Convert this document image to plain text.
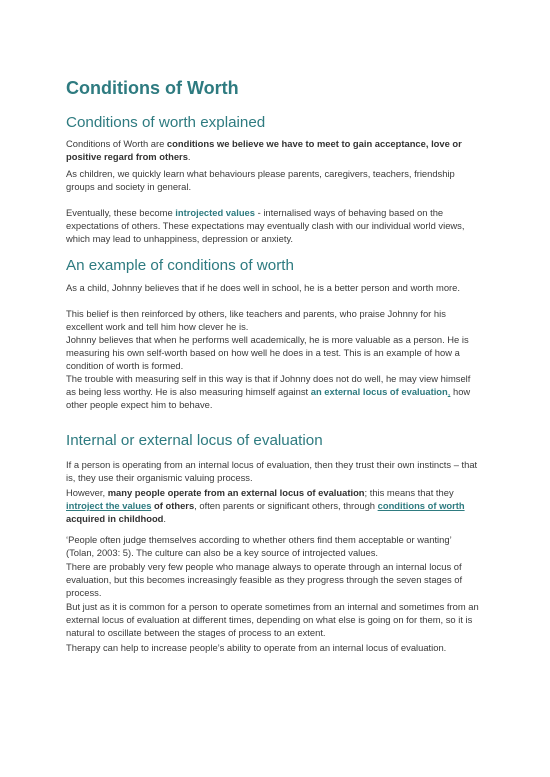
Conditions of Worth
Conditions of worth explained

Conditions of Worth are conditions we believe we have to meet to gain acceptance, love or positive regard from others.

As children, we quickly learn what behaviours please parents, caregivers, teachers, friendship groups and society in general.

Eventually, these become introjected values - internalised ways of behaving based on the expectations of others. These expectations may eventually clash with our individual world views, which may lead to unhappiness, depression or anxiety.

An example of conditions of worth

As a child, Johnny believes that if he does well in school, he is a better person and worth more.

This belief is then reinforced by others, like teachers and parents, who praise Johnny for his excellent work and tell him how clever he is.

Johnny believes that when he performs well academically, he is more valuable as a person. He is measuring his own self-worth based on how well he does in a test. This is an example of how a condition of worth is formed.

The trouble with measuring self in this way is that if Johnny does not do well, he may view himself as being less worthy. He is also measuring himself against an external locus of evaluation, how other people expect him to behave.

Internal or external locus of evaluation

If a person is operating from an internal locus of evaluation, then they trust their own instincts – that is, they use their organismic valuing process.

However, many people operate from an external locus of evaluation; this means that they introject the values of others, often parents or significant others, through conditions of worth acquired in childhood.

‘People often judge themselves according to whether others find them acceptable or wanting’ (Tolan, 2003: 5). The culture can also be a key source of introjected values.

There are probably very few people who manage always to operate through an internal locus of evaluation, but this becomes increasingly feasible as they progress through the seven stages of process.

But just as it is common for a person to operate sometimes from an internal and sometimes from an external locus of evaluation at different times, depending on what else is going on for them, so it is natural to oscillate between the stages of process to an extent.

Therapy can help to increase people’s ability to operate from an internal locus of evaluation.
